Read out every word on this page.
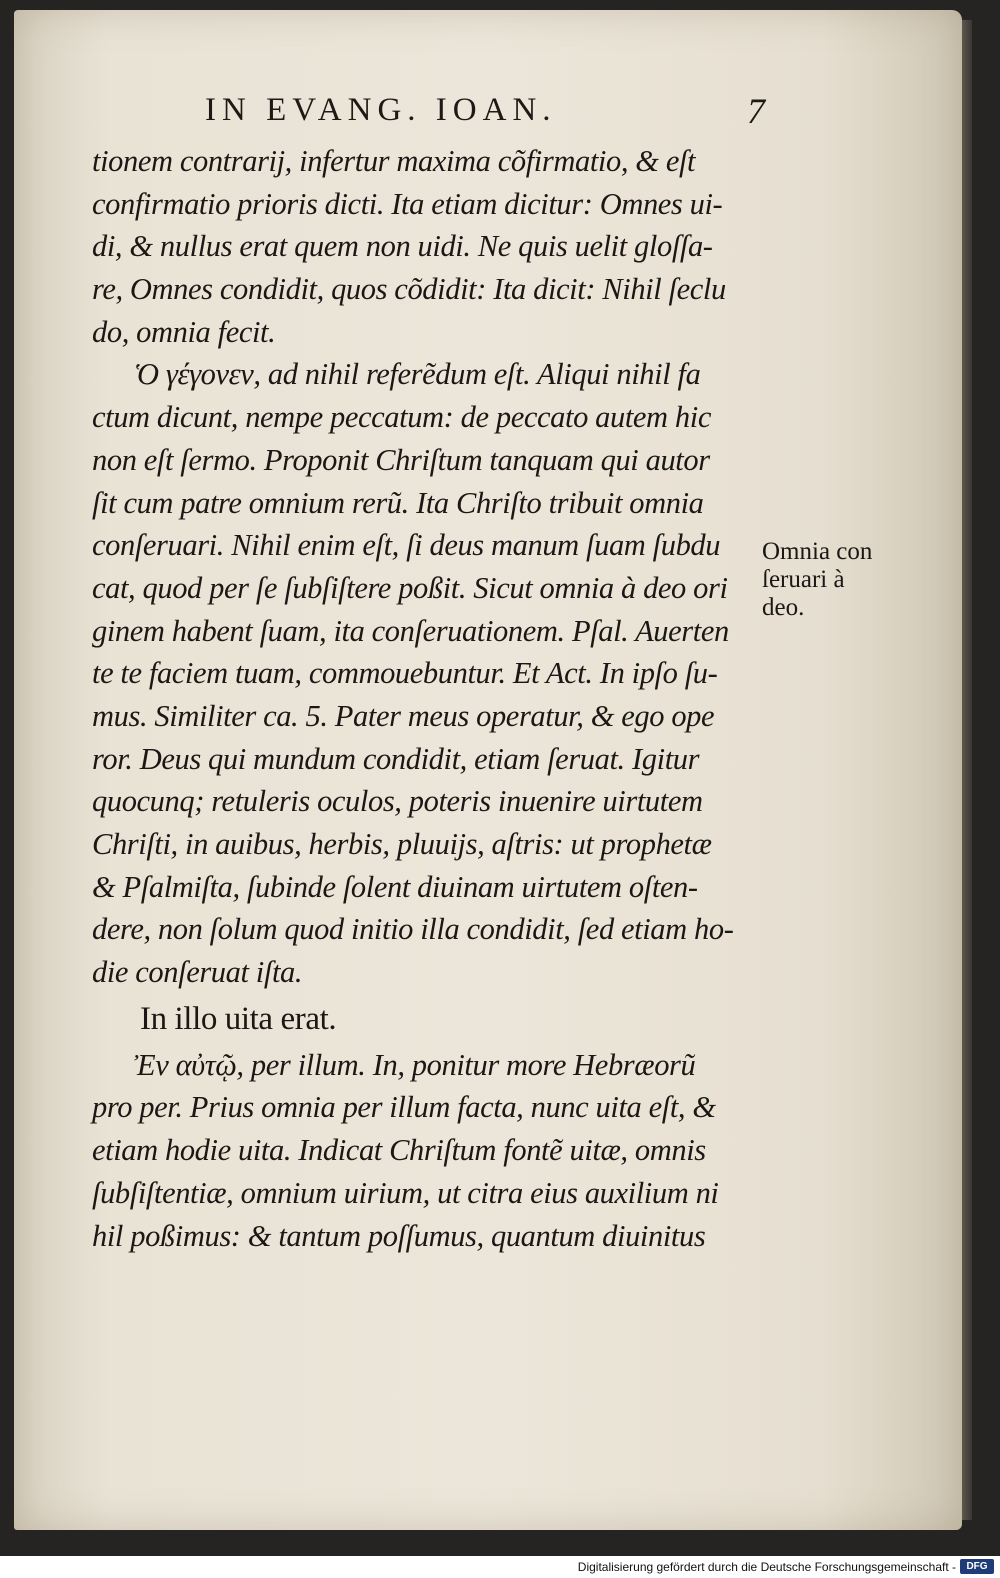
IN EVANG. IOAN.	7
tionem contrarij, infertur maxima cõfirmatio, & eſt
confirmatio prioris dicti. Ita etiam dicitur: Omnes ui-
di, & nullus erat quem non uidi. Ne quis uelit gloſſa-
re, Omnes condidit, quos cõdidit: Ita dicit: Nihil ſeclu
do, omnia fecit.
Ὁ γέγονεν, ad nihil referẽdum eſt. Aliqui nihil fa
ctum dicunt, nempe peccatum: de peccato autem hic
non eſt ſermo. Proponit Chriſtum tanquam qui autor
ſit cum patre omnium rerũ. Ita Chriſto tribuit omnia
conſeruari. Nihil enim eſt, ſi deus manum ſuam ſubdu
cat, quod per ſe ſubſiſtere poßit. Sicut omnia à deo ori
ginem habent ſuam, ita conſeruationem. Pſal. Auerten
te te faciem tuam, commouebuntur. Et Act. In ipſo ſu-
mus. Similiter ca. 5. Pater meus operatur, & ego ope
ror. Deus qui mundum condidit, etiam ſeruat. Igitur
quocunq; retuleris oculos, poteris inuenire uirtutem
Chriſti, in auibus, herbis, pluuijs, aſtris: ut prophetæ
& Pſalmiſta, ſubinde ſolent diuinam uirtutem oſten-
dere, non ſolum quod initio illa condidit, ſed etiam ho-
die conſeruat iſta.
In illo uita erat.
Ἐν αὐτῷ, per illum. In, ponitur more Hebræorũ
pro per. Prius omnia per illum facta, nunc uita eſt, &
etiam hodie uita. Indicat Chriſtum fontẽ uitæ, omnis
ſubſiſtentiæ, omnium uirium, ut citra eius auxilium ni
hil poßimus: & tantum poſſumus, quantum diuinitus
Omnia con
ſeruari à
deo.
Digitalisierung gefördert durch die Deutsche Forschungsgemeinschaft -	DFG
